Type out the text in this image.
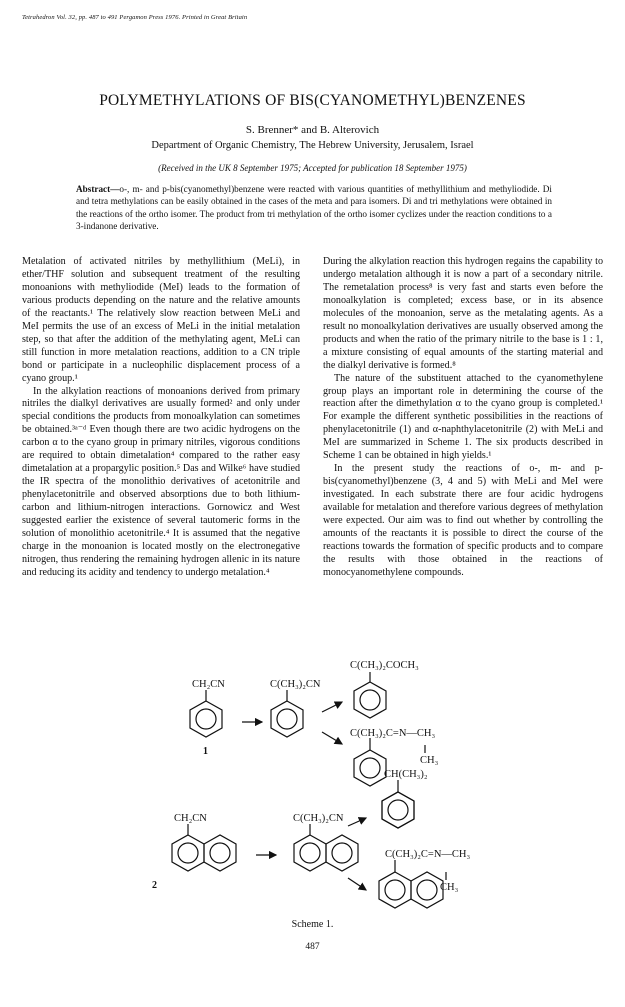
Tetrahedron Vol. 32, pp. 487 to 491 Pergamon Press 1976. Printed in Great Britain
POLYMETHYLATIONS OF BIS(CYANOMETHYL)BENZENES
S. Brenner* and B. Alterovich
Department of Organic Chemistry, The Hebrew University, Jerusalem, Israel
(Received in the UK 8 September 1975; Accepted for publication 18 September 1975)
Abstract—o-, m- and p-bis(cyanomethyl)benzene were reacted with various quantities of methyllithium and methyliodide. Di and tetra methylations can be easily obtained in the cases of the meta and para isomers. Di and tri methylations were obtained in the reactions of the ortho isomer. The product from tri methylation of the ortho isomer cyclizes under the reaction conditions to a 3-indanone derivative.

Metalation of activated nitriles by methyllithium (MeLi), in ether/THF solution and subsequent treatment of the resulting monoanions with methyliodide (MeI) leads to the formation of various products depending on the nature and the relative amounts of the reactants.¹ The relatively slow reaction between MeLi and MeI permits the use of an excess of MeLi in the initial metalation step, so that after the addition of the methylating agent, MeLi can still function in more metalation reactions, addition to a CN triple bond or participate in a nucleophilic displacement process of a cyano group.¹

In the alkylation reactions of monoanions derived from primary nitriles the dialkyl derivatives are usually formed² and only under special conditions the products from monoalkylation can sometimes be obtained.³ᵃ⁻ᵈ Even though there are two acidic hydrogens on the carbon α to the cyano group in primary nitriles, vigorous conditions are required to obtain dimetalation⁴ compared to the rather easy dimetalation at a propargylic position.⁵ Das and Wilke⁶ have studied the IR spectra of the monolithio derivatives of acetonitrile and phenylacetonitrile and observed absorptions due to both lithium-carbon and lithium-nitrogen interactions. Gornowicz and West suggested earlier the existence of several tautomeric forms in the solution of monolithio acetonitrile.⁴ It is assumed that the negative charge in the monoanion is located mostly on the electronegative nitrogen, thus rendering the remaining hydrogen allenic in its nature and reducing its acidity and tendency to undergo metalation.⁴

During the alkylation reaction this hydrogen regains the capability to undergo metalation although it is now a part of a secondary nitrile. The remetalation process⁸ is very fast and starts even before the monoalkylation is completed; excess base, or in its absence molecules of the monoanion, serve as the metalating agents. As a result no monoalkylation derivatives are usually observed among the products and when the ratio of the primary nitrile to the base is 1 : 1, a mixture consisting of equal amounts of the starting material and the dialkyl derivative is formed.⁸

The nature of the substituent attached to the cyanomethylene group plays an important role in determining the course of the reaction after the dimethylation α to the cyano group is completed.¹ For example the different synthetic possibilities in the reactions of phenylacetonitrile (1) and α-naphthylacetonitrile (2) with MeLi and MeI are summarized in Scheme 1. The six products described in Scheme 1 can be obtained in high yields.¹

In the present study the reactions of o-, m- and p-bis(cyanomethyl)benzene (3, 4 and 5) with MeLi and MeI were investigated. In each substrate there are four acidic hydrogens available for metalation and therefore various degrees of methylation were expected. Our aim was to find out whether by controlling the amounts of the reactants it is possible to direct the course of the reactions towards the formation of specific products and to compare the results with those obtained in the reactions of monocyanomethylene compounds.

CH₂CN	C(CH₃)₂CN
C(CH₃)₂COCH₃
C(CH₃)₂C=N—CH₃
CH₃
1
CH₂CN	C(CH₃)₂CN
CH(CH₃)₂
C(CH₃)₂C=N—CH₃
CH₃
2
Scheme 1.
487
